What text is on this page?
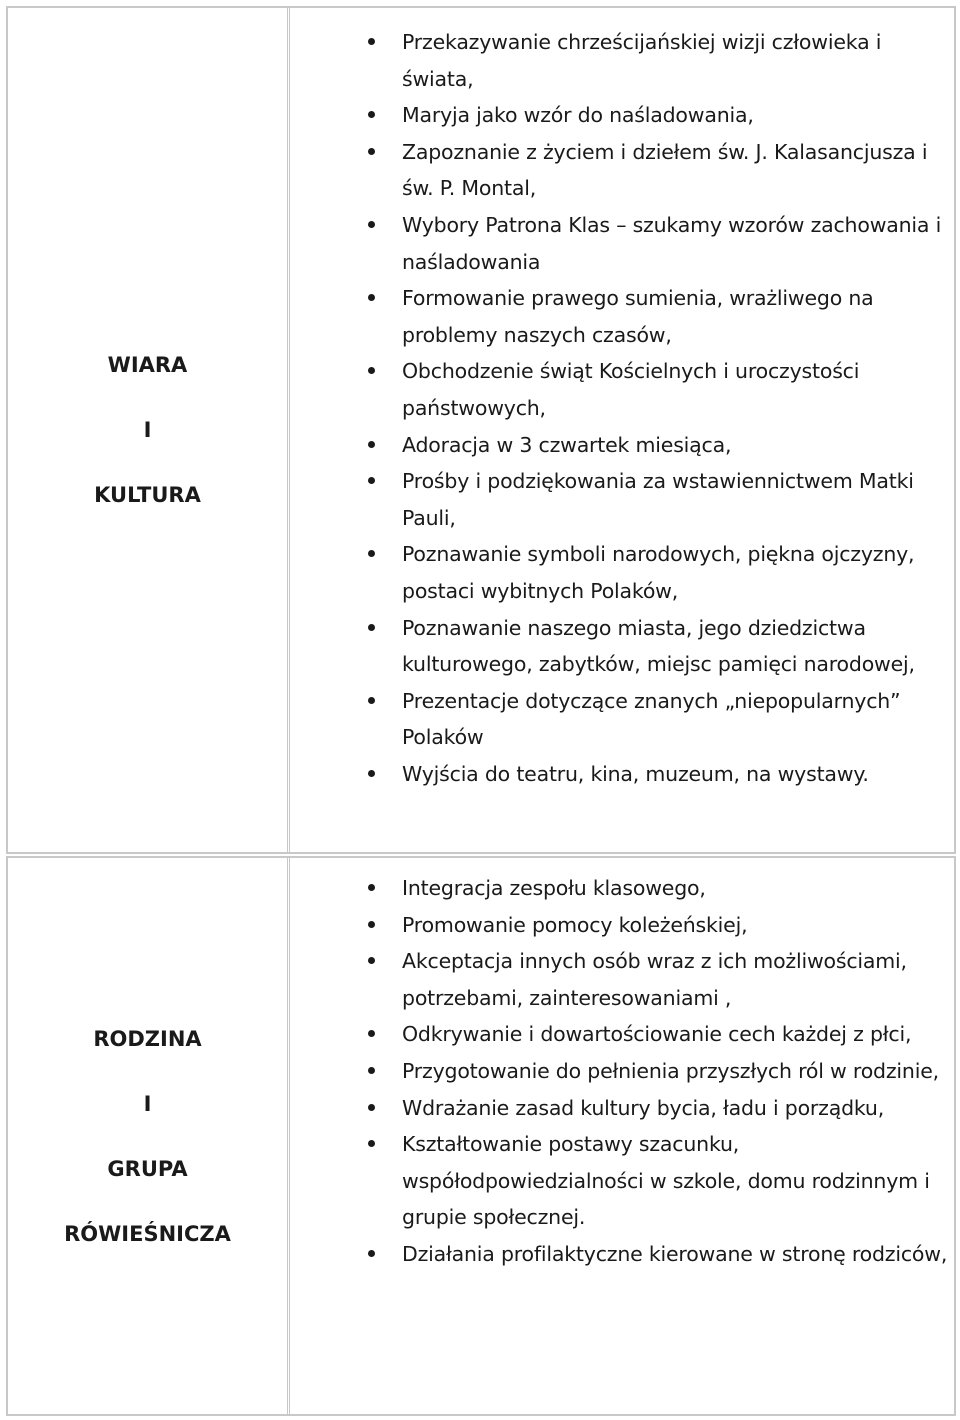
WIARA
I
KULTURA
Przekazywanie chrześcijańskiej wizji człowieka i świata,
Maryja jako wzór do naśladowania,
Zapoznanie z życiem i dziełem św. J. Kalasancjusza i św. P. Montal,
Wybory Patrona Klas – szukamy wzorów zachowania i naśladowania
Formowanie prawego sumienia, wrażliwego na problemy naszych czasów,
Obchodzenie świąt Kościelnych i uroczystości państwowych,
Adoracja w 3 czwartek miesiąca,
Prośby i podziękowania za wstawiennictwem Matki Pauli,
Poznawanie symboli narodowych, piękna ojczyzny, postaci wybitnych Polaków,
Poznawanie naszego miasta, jego dziedzictwa kulturowego, zabytków, miejsc pamięci narodowej,
Prezentacje dotyczące znanych „niepopularnych” Polaków
Wyjścia do teatru, kina, muzeum, na wystawy.
RODZINA
I
GRUPA
RÓWIEŚNICZA
Integracja zespołu klasowego,
Promowanie pomocy koleżeńskiej,
Akceptacja innych osób wraz z ich możliwościami, potrzebami, zainteresowaniami ,
Odkrywanie i dowartościowanie cech każdej z płci,
Przygotowanie do pełnienia przyszłych ról w rodzinie,
Wdrażanie zasad kultury bycia, ładu i porządku,
Kształtowanie postawy szacunku, współodpowiedzialności w szkole, domu rodzinnym i grupie społecznej.
Działania profilaktyczne kierowane w stronę rodziców,
